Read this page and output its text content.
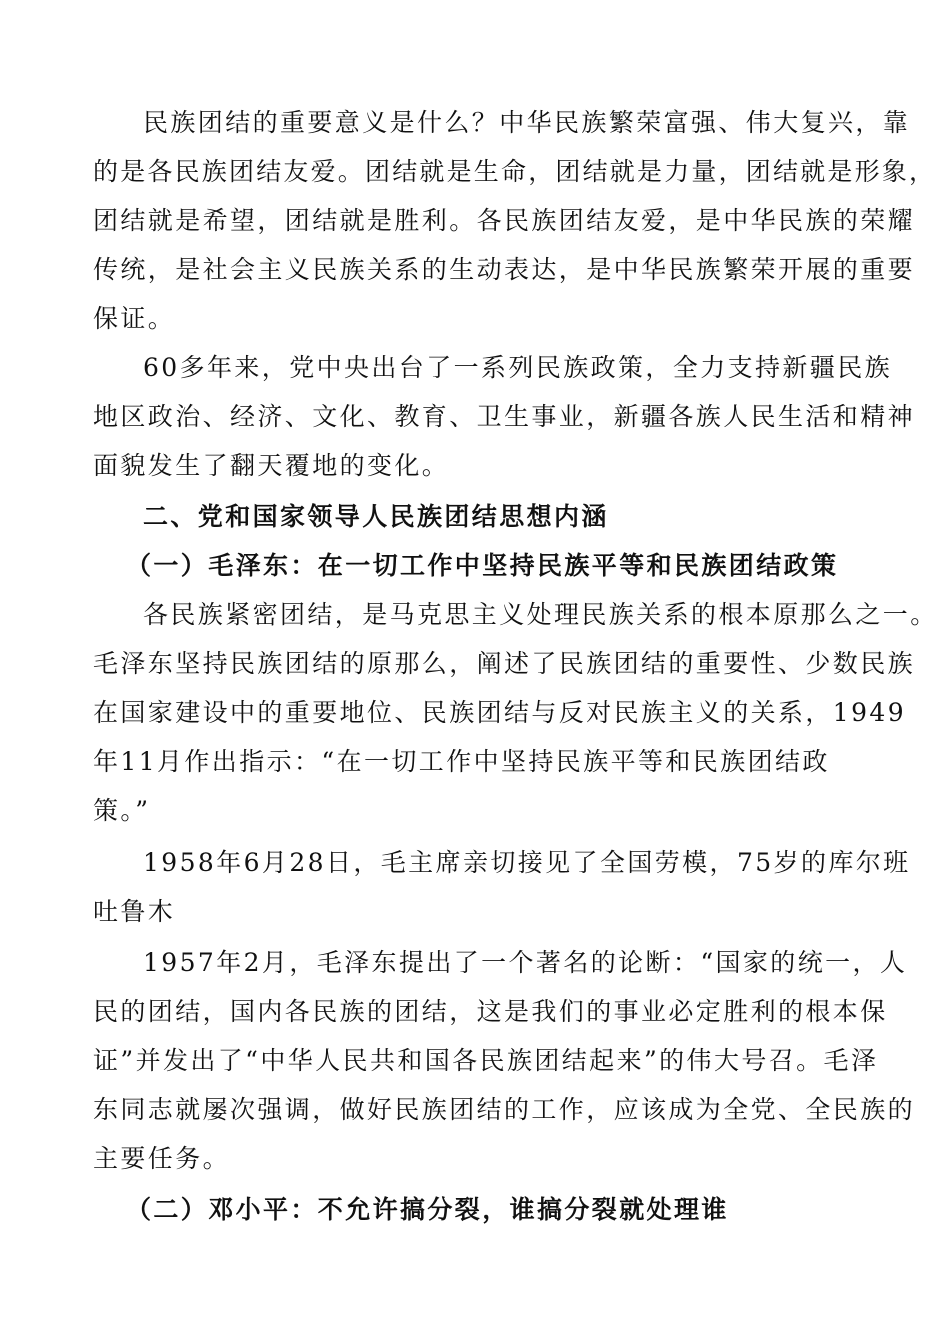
民族团结的重要意义是什么？中华民族繁荣富强、伟大复兴，靠
的是各民族团结友爱。团结就是生命，团结就是力量，团结就是形象，
团结就是希望，团结就是胜利。各民族团结友爱，是中华民族的荣耀
传统，是社会主义民族关系的生动表达，是中华民族繁荣开展的重要
保证。
60多年来，党中央出台了一系列民族政策，全力支持新疆民族
地区政治、经济、文化、教育、卫生事业，新疆各族人民生活和精神
面貌发生了翻天覆地的变化。
二、党和国家领导人民族团结思想内涵
（一）毛泽东：在一切工作中坚持民族平等和民族团结政策
各民族紧密团结，是马克思主义处理民族关系的根本原那么之一。
毛泽东坚持民族团结的原那么，阐述了民族团结的重要性、少数民族
在国家建设中的重要地位、民族团结与反对民族主义的关系，1949
年11月作出指示：“在一切工作中坚持民族平等和民族团结政
策。”
1958年6月28日，毛主席亲切接见了全国劳模，75岁的库尔班
吐鲁木
1957年2月，毛泽东提出了一个著名的论断：“国家的统一，人
民的团结，国内各民族的团结，这是我们的事业必定胜利的根本保
证”并发出了“中华人民共和国各民族团结起来”的伟大号召。毛泽
东同志就屡次强调，做好民族团结的工作，应该成为全党、全民族的
主要任务。
（二）邓小平：不允许搞分裂，谁搞分裂就处理谁
